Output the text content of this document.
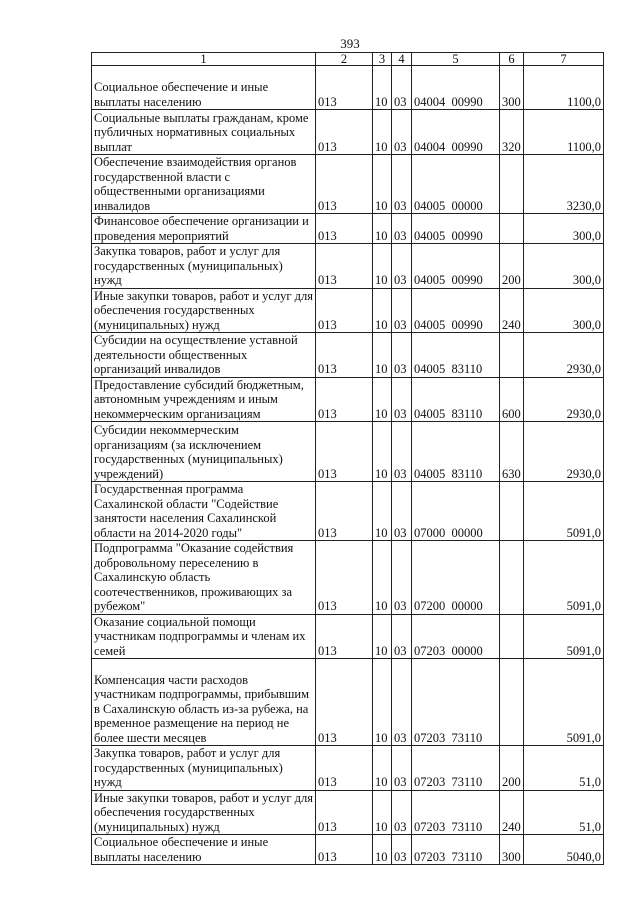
393
1	2	3	4	5	6	7
Социальное обеспечение и иные выплаты населению	013	10	03	04004  00990	300	1100,0
Социальные выплаты гражданам, кроме публичных нормативных социальных выплат	013	10	03	04004  00990	320	1100,0
Обеспечение взаимодействия органов государственной власти с общественными организациями инвалидов	013	10	03	04005  00000		3230,0
Финансовое обеспечение организации и проведения мероприятий	013	10	03	04005  00990		300,0
Закупка товаров, работ и услуг для государственных (муниципальных) нужд	013	10	03	04005  00990	200	300,0
Иные закупки товаров, работ и услуг для обеспечения государственных (муниципальных) нужд	013	10	03	04005  00990	240	300,0
Субсидии на осуществление уставной деятельности общественных организаций инвалидов	013	10	03	04005  83110		2930,0
Предоставление субсидий бюджетным, автономным учреждениям и иным некоммерческим организациям	013	10	03	04005  83110	600	2930,0
Субсидии некоммерческим организациям (за исключением государственных (муниципальных) учреждений)	013	10	03	04005  83110	630	2930,0
Государственная программа Сахалинской области "Содействие занятости населения Сахалинской области на 2014-2020 годы"	013	10	03	07000  00000		5091,0
Подпрограмма "Оказание содействия добровольному переселению в Сахалинскую область соотечественников, проживающих за рубежом"	013	10	03	07200  00000		5091,0
Оказание социальной помощи участникам подпрограммы и членам их семей	013	10	03	07203  00000		5091,0
Компенсация части расходов участникам подпрограммы, прибывшим в Сахалинскую область из-за рубежа, на временное размещение на период не более шести месяцев	013	10	03	07203  73110		5091,0
Закупка товаров, работ и услуг для государственных (муниципальных) нужд	013	10	03	07203  73110	200	51,0
Иные закупки товаров, работ и услуг для обеспечения государственных (муниципальных) нужд	013	10	03	07203  73110	240	51,0
Социальное обеспечение и иные выплаты населению	013	10	03	07203  73110	300	5040,0
